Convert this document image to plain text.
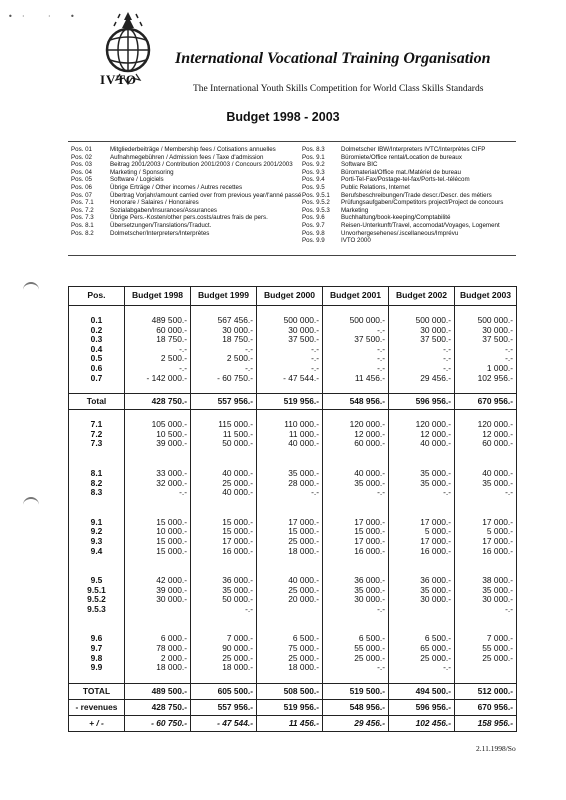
• ·	· •
IVTO
International Vocational Training Organisation
The International Youth Skills Competition for World Class Skills Standards
Budget 1998 - 2003
Pos. 01	Mitgliederbeiträge / Membership fees / Cotisations annuelles
Pos. 02	Aufnahmegebühren / Admission fees / Taxe d'admission
Pos. 03	Beitrag 2001/2003 / Contribution 2001/2003 / Concours 2001/2003
Pos. 04	Marketing / Sponsoring
Pos. 05	Software / Logiciels
Pos. 06	Übrige Erträge / Other incomes / Autres recettes
Pos. 07	Übertrag Vorjahr/amount carried over from previous year/l'anné passé
Pos. 7.1	Honorare / Salaires / Honoraires
Pos. 7.2	Sozialabgaben/Insurances/Assurances
Pos. 7.3	Übrige Pers.-Kosten/other pers.costs/autres frais de pers.
Pos. 8.1	Übersetzungen/Translations/Traduct.
Pos. 8.2	Dolmetscher/Interpreters/Interprètes
Pos. 8.3	Dolmetscher IBW/Interpreters IVTC/Interprètes CIFP
Pos. 9.1	Büromiete/Office rental/Location de bureaux
Pos. 9.2	Software BIC
Pos. 9.3	Büromaterial/Office mat./Matériel de bureau
Pos. 9.4	Porti-Tel-Fax/Postage-tel-fax/Ports-tel.-télécom
Pos. 9.5	Public Relations, Internet
Pos. 9.5.1	Berufsbeschreibungen/Trade descr./Descr. des métiers
Pos. 9.5.2	Prüfungsaufgaben/Competitors project/Project de concours
Pos. 9.5.3	Marketing
Pos. 9.6	Buchhaltung/book-keeping/Comptabilité
Pos. 9.7	Reisen-Unterkunft/Travel, accomodat/Voyages, Logement
Pos. 9.8	Unvorhergesehenes/.iscellaneous/Imprévu
Pos. 9.9	IVTO 2000
Pos.	Budget 1998	Budget 1999	Budget 2000	Budget 2001	Budget 2002	Budget 2003

0.1	489 500.-	567 456.-	500 000.-	500 000.-	500 000.-	500 000.-
0.2	60 000.-	30 000.-	30 000.-	-.-	30 000.-	30 000.-
0.3	18 750.-	18 750.-	37 500.-	37 500.-	37 500.-	37 500.-
0.4	-.-	-.-	-.-	-.-	-.-	-.-
0.5	2 500.-	2 500.-	-.-	-.-	-.-	-.-
0.6	-.-	-.-	-.-	-.-	-.-	1 000.-
0.7	- 142 000.-	- 60 750.-	- 47 544.-	11 456.-	29 456.-	102 956.-

Total	428 750.-	557 956.-	519 956.-	548 956.-	596 956.-	670 956.-

7.1	105 000.-	115 000.-	110 000.-	120 000.-	120 000.-	120 000.-
7.2	10 500.-	11 500.-	11 000.-	12 000.-	12 000.-	12 000.-
7.3	39 000.-	50 000.-	40 000.-	60 000.-	40 000.-	60 000.-

8.1	33 000.-	40 000.-	35 000.-	40 000.-	35 000.-	40 000.-
8.2	32 000.-	25 000.-	28 000.-	35 000.-	35 000.-	35 000.-
8.3	-.-	40 000.-	-.-	-.-	-.-	-.-

9.1	15 000.-	15 000.-	17 000.-	17 000.-	17 000.-	17 000.-
9.2	10 000.-	15 000.-	15 000.-	15 000.-	5 000.-	5 000.-
9.3	15 000.-	17 000.-	25 000.-	17 000.-	17 000.-	17 000.-
9.4	15 000.-	16 000.-	18 000.-	16 000.-	16 000.-	16 000.-

9.5	42 000.-	36 000.-	40 000.-	36 000.-	36 000.-	38 000.-
9.5.1	39 000.-	35 000.-	25 000.-	35 000.-	35 000.-	35 000.-
9.5.2	30 000.-	50 000.-	20 000.-	30 000.-	30 000.-	30 000.-
9.5.3		-.-		-.-		-.-

9.6	6 000.-	7 000.-	6 500.-	6 500.-	6 500.-	7 000.-
9.7	78 000.-	90 000.-	75 000.-	55 000.-	65 000.-	55 000.-
9.8	2 000.-	25 000.-	25 000.-	25 000.-	25 000.-	25 000.-
9.9	18 000.-	18 000.-	18 000.-	-.-	-.-	

TOTAL	489 500.-	605 500.-	508 500.-	519 500.-	494 500.-	512 000.-
- revenues	428 750.-	557 956.-	519 956.-	548 956.-	596 956.-	670 956.-
+ / -	- 60 750.-	- 47 544.-	11 456.-	29 456.-	102 456.-	158 956.-
2.11.1998/So
